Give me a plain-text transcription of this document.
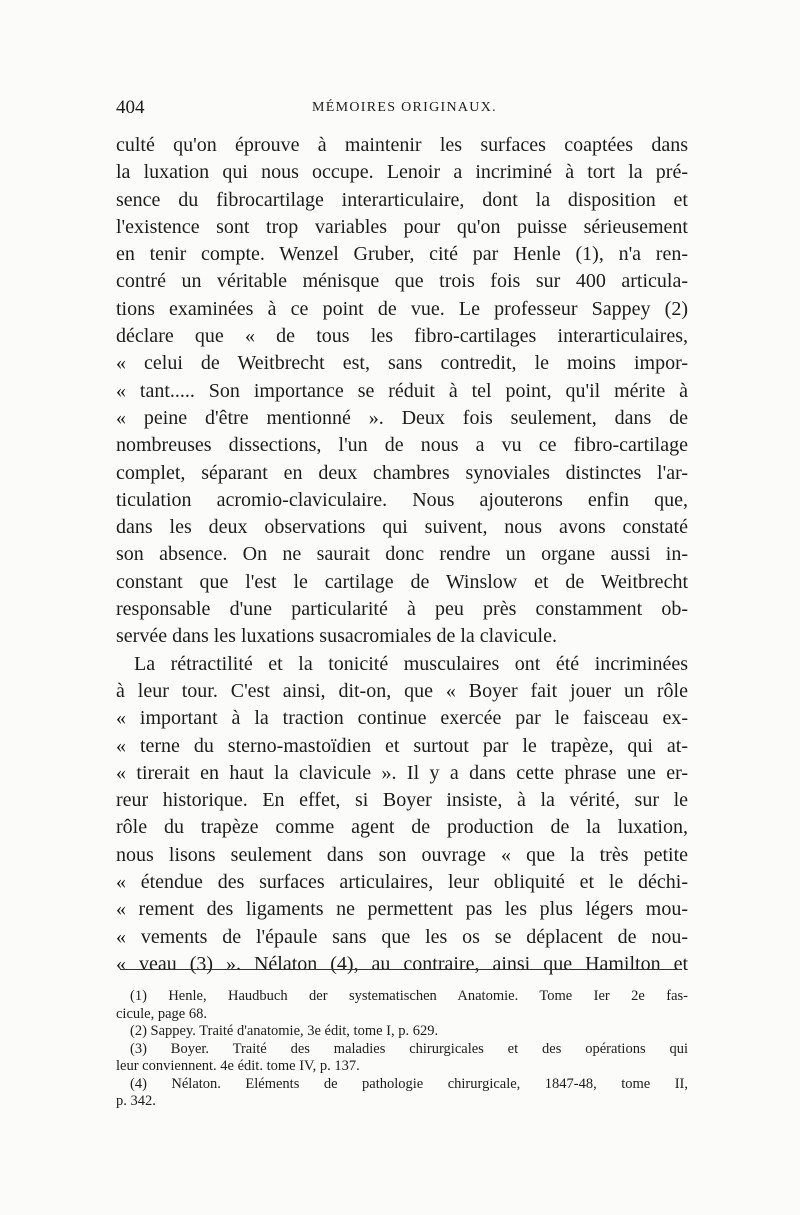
404	MÉMOIRES ORIGINAUX.
culté qu'on éprouve à maintenir les surfaces coaptées dans
la luxation qui nous occupe. Lenoir a incriminé à tort la pré-
sence du fibrocartilage interarticulaire, dont la disposition et
l'existence sont trop variables pour qu'on puisse sérieusement
en tenir compte. Wenzel Gruber, cité par Henle (1), n'a ren-
contré un véritable ménisque que trois fois sur 400 articula-
tions examinées à ce point de vue. Le professeur Sappey (2)
déclare que « de tous les fibro-cartilages interarticulaires,
« celui de Weitbrecht est, sans contredit, le moins impor-
« tant..... Son importance se réduit à tel point, qu'il mérite à
« peine d'être mentionné ». Deux fois seulement, dans de
nombreuses dissections, l'un de nous a vu ce fibro-cartilage
complet, séparant en deux chambres synoviales distinctes l'ar-
ticulation acromio-claviculaire. Nous ajouterons enfin que,
dans les deux observations qui suivent, nous avons constaté
son absence. On ne saurait donc rendre un organe aussi in-
constant que l'est le cartilage de Winslow et de Weitbrecht
responsable d'une particularité à peu près constamment ob-
servée dans les luxations susacromiales de la clavicule.
La rétractilité et la tonicité musculaires ont été incriminées
à leur tour. C'est ainsi, dit-on, que « Boyer fait jouer un rôle
« important à la traction continue exercée par le faisceau ex-
« terne du sterno-mastoïdien et surtout par le trapèze, qui at-
« tirerait en haut la clavicule ». Il y a dans cette phrase une er-
reur historique. En effet, si Boyer insiste, à la vérité, sur le
rôle du trapèze comme agent de production de la luxation,
nous lisons seulement dans son ouvrage « que la très petite
« étendue des surfaces articulaires, leur obliquité et le déchi-
« rement des ligaments ne permettent pas les plus légers mou-
« vements de l'épaule sans que les os se déplacent de nou-
« veau (3) ». Nélaton (4), au contraire, ainsi que Hamilton et
(1) Henle, Haudbuch der systematischen Anatomie. Tome Ier 2e fas-
cicule, page 68.
(2) Sappey. Traité d'anatomie, 3e édit, tome I, p. 629.
(3) Boyer. Traité des maladies chirurgicales et des opérations qui
leur conviennent. 4e édit. tome IV, p. 137.
(4) Nélaton. Eléments de pathologie chirurgicale, 1847-48, tome II,
p. 342.
